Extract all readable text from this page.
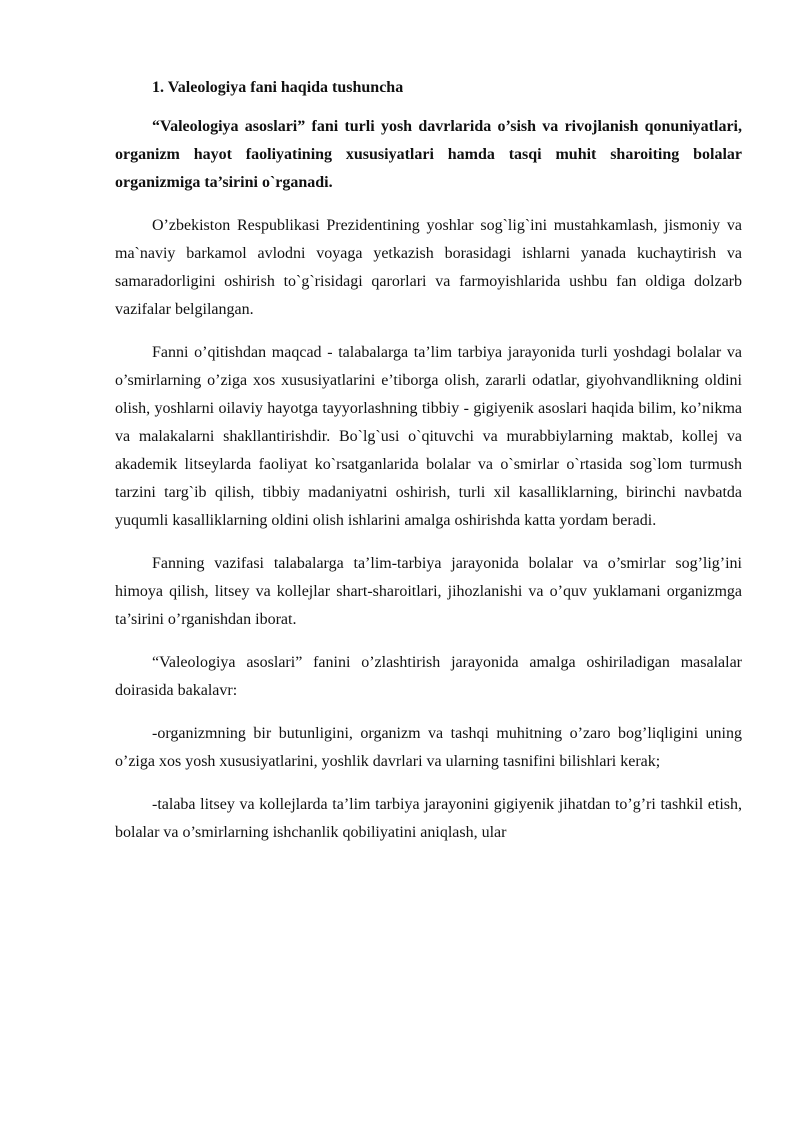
1. Valeologiya fani haqida tushuncha

“Valeologiya asoslari” fani turli yosh davrlarida o’sish va rivojlanish qonuniyatlari, organizm hayot faoliyatining xususiyatlari hamda tasqi muhit sharoiting bolalar organizmiga ta’sirini o`rganadi.

O’zbekiston Respublikasi Prezidentining yoshlar sog`lig`ini mustahkamlash, jismoniy va ma`naviy barkamol avlodni voyaga yetkazish borasidagi ishlarni yanada kuchaytirish va samaradorligini oshirish to`g`risidagi qarorlari va farmoyishlarida ushbu fan oldiga dolzarb vazifalar belgilangan.

Fanni o’qitishdan maqcad - talabalarga ta’lim tarbiya jarayonida turli yoshdagi bolalar va o’smirlarning o’ziga xos xususiyatlarini e’tiborga olish, zararli odatlar, giyohvandlikning oldini olish, yoshlarni oilaviy hayotga tayyorlashning tibbiy - gigiyenik asoslari haqida bilim, ko’nikma va malakalarni shakllantirishdir. Bo`lg`usi o`qituvchi va murabbiylarning maktab, kollej va akademik litseylarda faoliyat ko`rsatganlarida bolalar va o`smirlar o`rtasida sog`lom turmush tarzini targ`ib qilish, tibbiy madaniyatni oshirish, turli xil kasalliklarning, birinchi navbatda yuqumli kasalliklarning oldini olish ishlarini amalga oshirishda katta yordam beradi.

Fanning vazifasi talabalarga ta’lim-tarbiya jarayonida bolalar va o’smirlar sog’lig’ini himoya qilish, litsey va kollejlar shart-sharoitlari, jihozlanishi va o’quv yuklamani organizmga ta’sirini o’rganishdan iborat.

“Valeologiya asoslari” fanini o’zlashtirish jarayonida amalga oshiriladigan masalalar doirasida bakalavr:

-organizmning bir butunligini, organizm va tashqi muhitning o’zaro bog’liqligini uning o’ziga xos yosh xususiyatlarini, yoshlik davrlari va ularning tasnifini bilishlari kerak;

-talaba litsey va kollejlarda ta’lim tarbiya jarayonini gigiyenik jihatdan to’g’ri tashkil etish, bolalar va o’smirlarning ishchanlik qobiliyatini aniqlash, ular
